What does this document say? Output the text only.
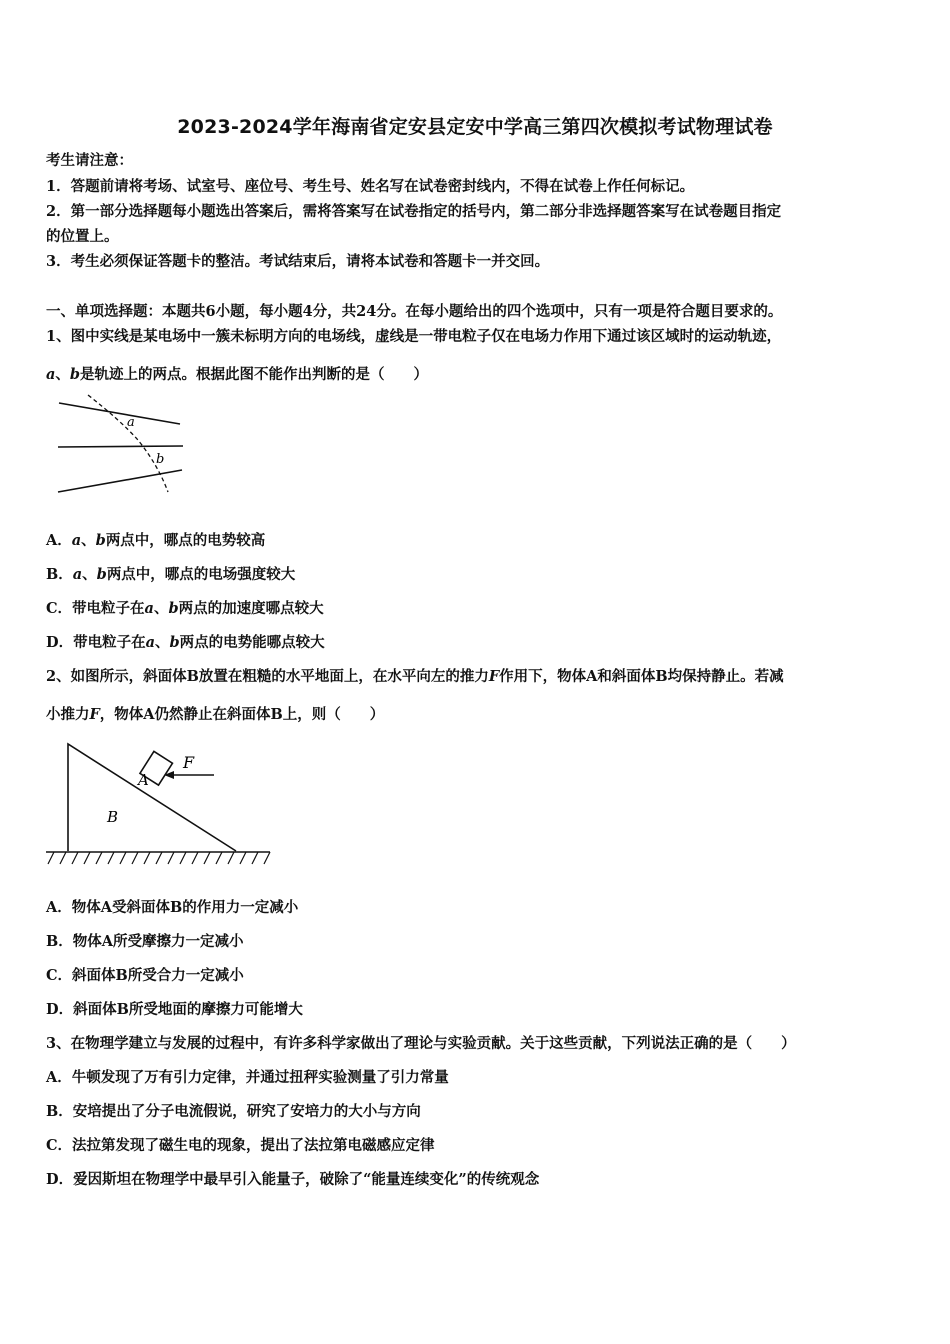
2023-2024学年海南省定安县定安中学高三第四次模拟考试物理试卷
考生请注意：
1．答题前请将考场、试室号、座位号、考生号、姓名写在试卷密封线内，不得在试卷上作任何标记。
2．第一部分选择题每小题选出答案后，需将答案写在试卷指定的括号内，第二部分非选择题答案写在试卷题目指定
的位置上。
3．考生必须保证答题卡的整洁。考试结束后，请将本试卷和答题卡一并交回。
一、单项选择题：本题共6小题，每小题4分，共24分。在每小题给出的四个选项中，只有一项是符合题目要求的。
1、图中实线是某电场中一簇未标明方向的电场线，虚线是一带电粒子仅在电场力作用下通过该区域时的运动轨迹，
a、b是轨迹上的两点。根据此图不能作出判断的是（　　）
a
b
A．a、b两点中，哪点的电势较高
B．a、b两点中，哪点的电场强度较大
C．带电粒子在a、b两点的加速度哪点较大
D．带电粒子在a、b两点的电势能哪点较大
2、如图所示，斜面体B放置在粗糙的水平地面上，在水平向左的推力F作用下，物体A和斜面体B均保持静止。若减
小推力F，物体A仍然静止在斜面体B上，则（　　）
A
F
B
A．物体A受斜面体B的作用力一定减小
B．物体A所受摩擦力一定减小
C．斜面体B所受合力一定减小
D．斜面体B所受地面的摩擦力可能增大
3、在物理学建立与发展的过程中，有许多科学家做出了理论与实验贡献。关于这些贡献，下列说法正确的是（　　）
A．牛顿发现了万有引力定律，并通过扭秤实验测量了引力常量
B．安培提出了分子电流假说，研究了安培力的大小与方向
C．法拉第发现了磁生电的现象，提出了法拉第电磁感应定律
D．爱因斯坦在物理学中最早引入能量子，破除了“能量连续变化”的传统观念
